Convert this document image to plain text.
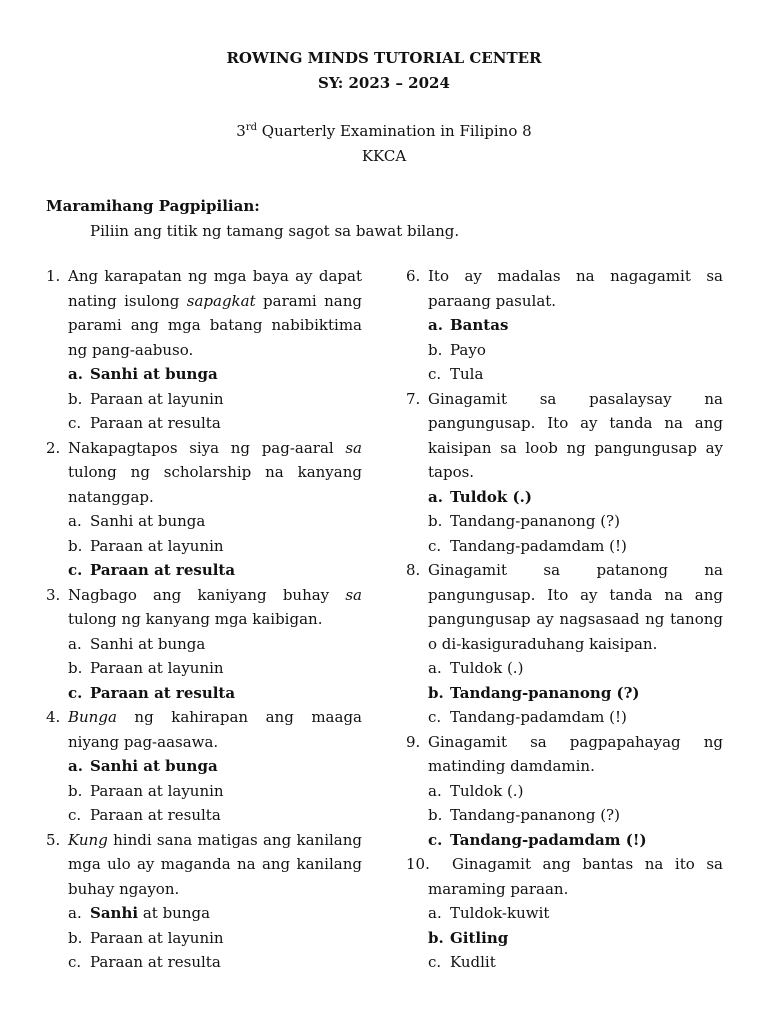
ROWING MINDS TUTORIAL CENTER
SY: 2023 – 2024
3rd Quarterly Examination in Filipino 8
KKCA
Maramihang Pagpipilian:
Piliin ang titik ng tamang sagot sa bawat bilang.
1. Ang karapatan ng mga baya ay dapat nating isulong sapagkat parami nang parami ang mga batang nabibiktima ng pang-aabuso.
a. Sanhi at bunga
b. Paraan at layunin
c. Paraan at resulta
2. Nakapagtapos siya ng pag-aaral sa tulong ng scholarship na kanyang natanggap.
a. Sanhi at bunga
b. Paraan at layunin
c. Paraan at resulta
3. Nagbago ang kaniyang buhay sa tulong ng kanyang mga kaibigan.
a. Sanhi at bunga
b. Paraan at layunin
c. Paraan at resulta
4. Bunga ng kahirapan ang maaga niyang pag-aasawa.
a. Sanhi at bunga
b. Paraan at layunin
c. Paraan at resulta
5. Kung hindi sana matigas ang kanilang mga ulo ay maganda na ang kanilang buhay ngayon.
a. Sanhi at bunga
b. Paraan at layunin
c. Paraan at resulta
6. Ito ay madalas na nagagamit sa paraang pasulat.
a. Bantas
b. Payo
c. Tula
7. Ginagamit sa pasalaysay na pangungusap. Ito ay tanda na ang kaisipan sa loob ng pangungusap ay tapos.
a. Tuldok (.)
b. Tandang-pananong (?)
c. Tandang-padamdam (!)
8. Ginagamit sa patanong na pangungusap. Ito ay tanda na ang pangungusap ay nagsasaad ng tanong o di-kasiguraduhang kaisipan.
a. Tuldok (.)
b. Tandang-pananong (?)
c. Tandang-padamdam (!)
9. Ginagamit sa pagpapahayag ng matinding damdamin.
a. Tuldok (.)
b. Tandang-pananong (?)
c. Tandang-padamdam (!)
10.	Ginagamit ang bantas na ito sa maraming paraan.
a. Tuldok-kuwit
b. Gitling
c. Kudlit
